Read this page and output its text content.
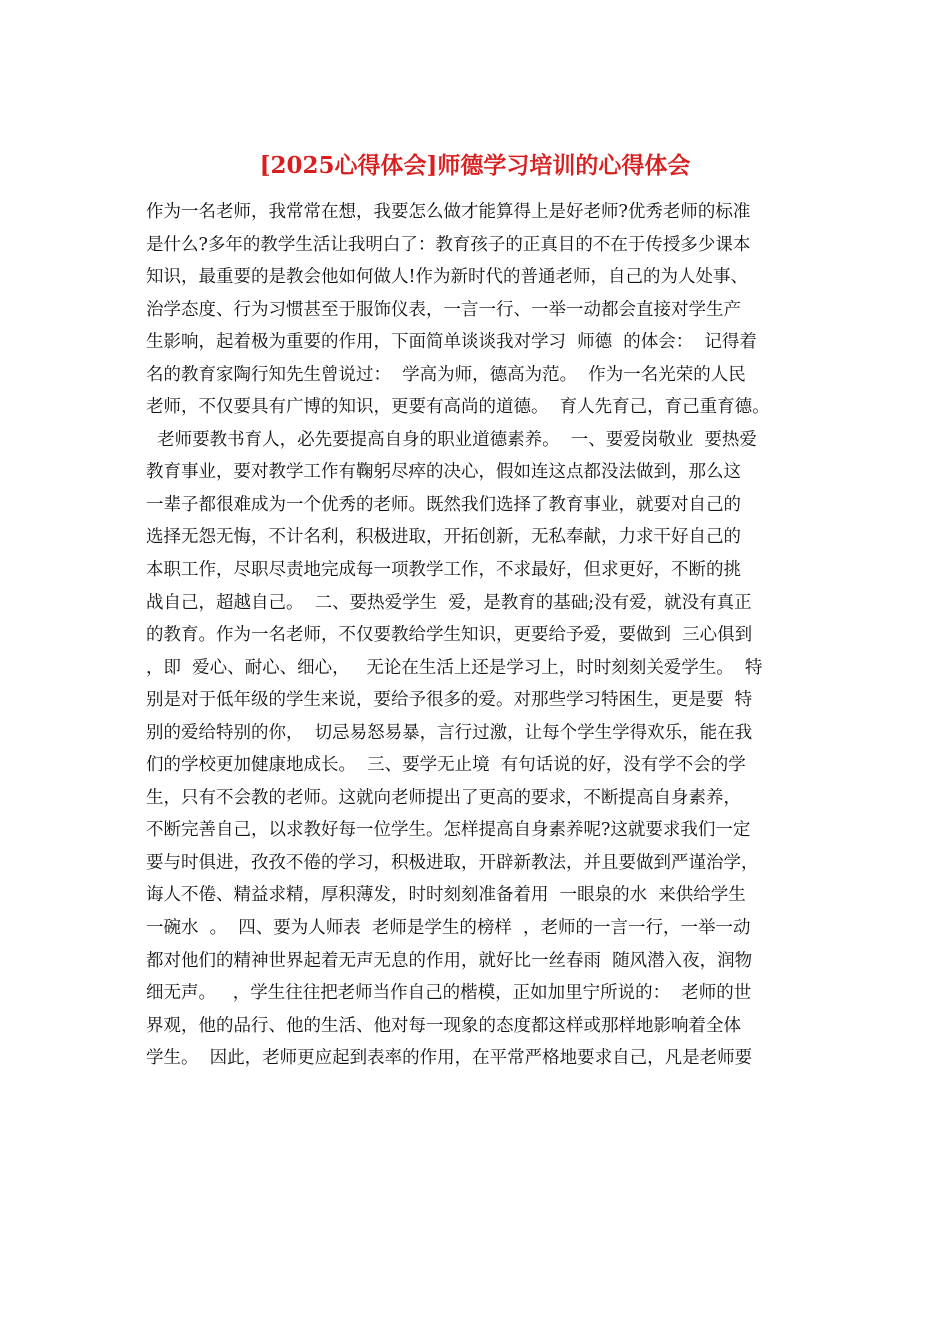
[2025心得体会]师德学习培训的心得体会
作为一名老师，我常常在想，我要怎么做才能算得上是好老师?优秀老师的标准
是什么?多年的教学生活让我明白了：教育孩子的正真目的不在于传授多少课本
知识，最重要的是教会他如何做人!作为新时代的普通老师，自己的为人处事、
治学态度、行为习惯甚至于服饰仪表，一言一行、一举一动都会直接对学生产
生影响，起着极为重要的作用，下面简单谈谈我对学习  师德  的体会：  记得着
名的教育家陶行知先生曾说过：  学高为师，德高为范。  作为一名光荣的人民
老师，不仅要具有广博的知识，更要有高尚的道德。  育人先育己，育己重育德。
老师要教书育人，必先要提高自身的职业道德素养。  一、要爱岗敬业  要热爱
教育事业，要对教学工作有鞠躬尽瘁的决心，假如连这点都没法做到，那么这
一辈子都很难成为一个优秀的老师。既然我们选择了教育事业，就要对自己的
选择无怨无悔，不计名利，积极进取，开拓创新，无私奉献，力求干好自己的
本职工作，尽职尽责地完成每一项教学工作，不求最好，但求更好，不断的挑
战自己，超越自己。  二、要热爱学生  爱，是教育的基础;没有爱，就没有真正
的教育。作为一名老师，不仅要教给学生知识，更要给予爱，要做到  三心俱到
，即  爱心、耐心、细心，   无论在生活上还是学习上，时时刻刻关爱学生。  特
别是对于低年级的学生来说，要给予很多的爱。对那些学习特困生，更是要  特
别的爱给特别的你，  切忌易怒易暴，言行过激，让每个学生学得欢乐，能在我
们的学校更加健康地成长。  三、要学无止境  有句话说的好，没有学不会的学
生，只有不会教的老师。这就向老师提出了更高的要求，不断提高自身素养，
不断完善自己，以求教好每一位学生。怎样提高自身素养呢?这就要求我们一定
要与时俱进，孜孜不倦的学习，积极进取，开辟新教法，并且要做到严谨治学，
诲人不倦、精益求精，厚积薄发，时时刻刻准备着用  一眼泉的水  来供给学生
一碗水  。  四、要为人师表  老师是学生的榜样  ，老师的一言一行，一举一动
都对他们的精神世界起着无声无息的作用，就好比一丝春雨  随风潜入夜，润物
细无声。   ，学生往往把老师当作自己的楷模，正如加里宁所说的：  老师的世
界观，他的品行、他的生活、他对每一现象的态度都这样或那样地影响着全体
学生。  因此，老师更应起到表率的作用，在平常严格地要求自己，凡是老师要
